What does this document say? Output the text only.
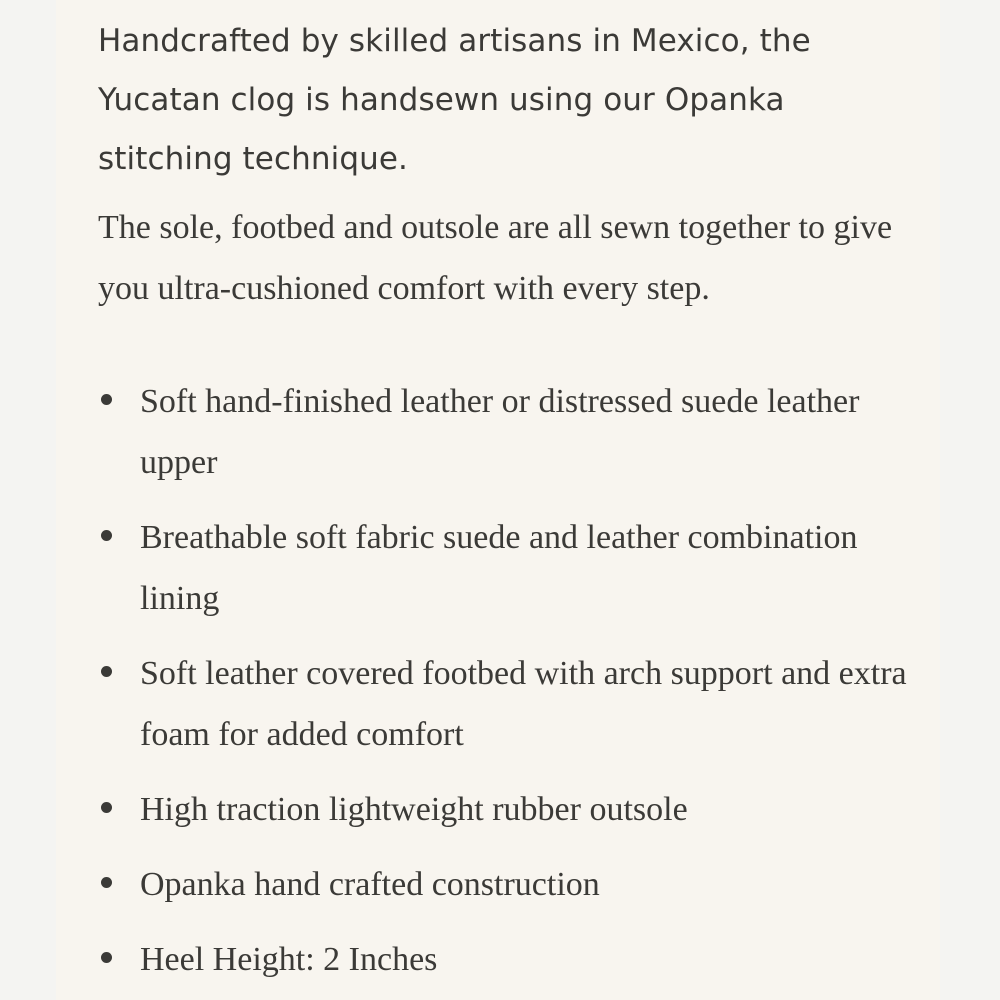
Handcrafted by skilled artisans in Mexico, the Yucatan clog is handsewn using our Opanka stitching technique.

The sole, footbed and outsole are all sewn together to give you ultra-cushioned comfort with every step.

Soft hand-finished leather or distressed suede leather upper
Breathable soft fabric suede and leather combination lining
Soft leather covered footbed with arch support and extra foam for added comfort
High traction lightweight rubber outsole
Opanka hand crafted construction
Heel Height: 2 Inches
